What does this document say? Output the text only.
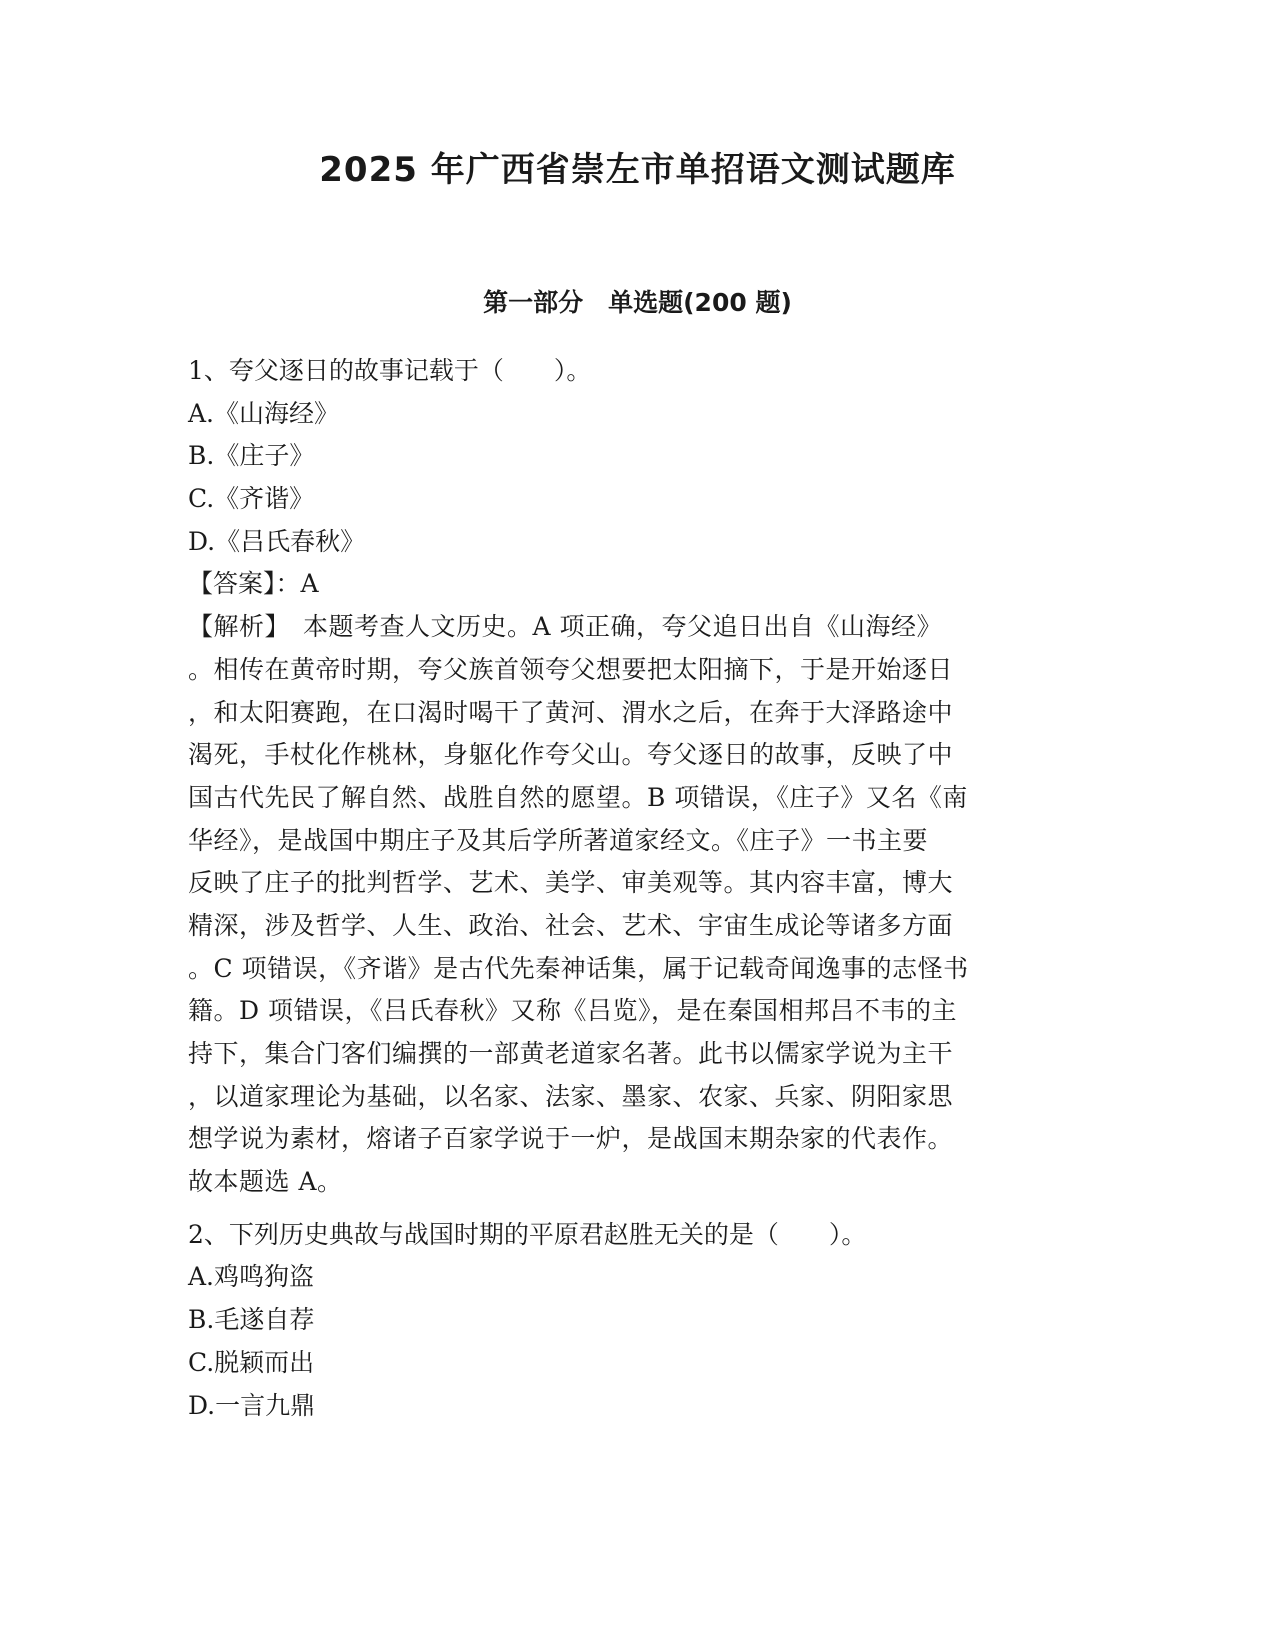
2025 年广西省崇左市单招语文测试题库
第一部分　单选题(200 题)

1、夸父逐日的故事记载于（　　）。

A.《山海经》

B.《庄子》

C.《齐谐》

D.《吕氏春秋》

【答案】：A

【解析】　本题考查人文历史。A 项正确，夸父追日出自《山海经》

。相传在黄帝时期，夸父族首领夸父想要把太阳摘下，于是开始逐日

，和太阳赛跑，在口渴时喝干了黄河、渭水之后，在奔于大泽路途中

渴死，手杖化作桃林，身躯化作夸父山。夸父逐日的故事，反映了中

国古代先民了解自然、战胜自然的愿望。B 项错误，《庄子》又名《南

华经》，是战国中期庄子及其后学所著道家经文。《庄子》一书主要

反映了庄子的批判哲学、艺术、美学、审美观等。其内容丰富，博大

精深，涉及哲学、人生、政治、社会、艺术、宇宙生成论等诸多方面

。C 项错误，《齐谐》是古代先秦神话集，属于记载奇闻逸事的志怪书

籍。D 项错误，《吕氏春秋》又称《吕览》，是在秦国相邦吕不韦的主

持下，集合门客们编撰的一部黄老道家名著。此书以儒家学说为主干

，以道家理论为基础，以名家、法家、墨家、农家、兵家、阴阳家思

想学说为素材，熔诸子百家学说于一炉，是战国末期杂家的代表作。

故本题选 A。

2、下列历史典故与战国时期的平原君赵胜无关的是（　　）。

A.鸡鸣狗盗

B.毛遂自荐

C.脱颖而出

D.一言九鼎
